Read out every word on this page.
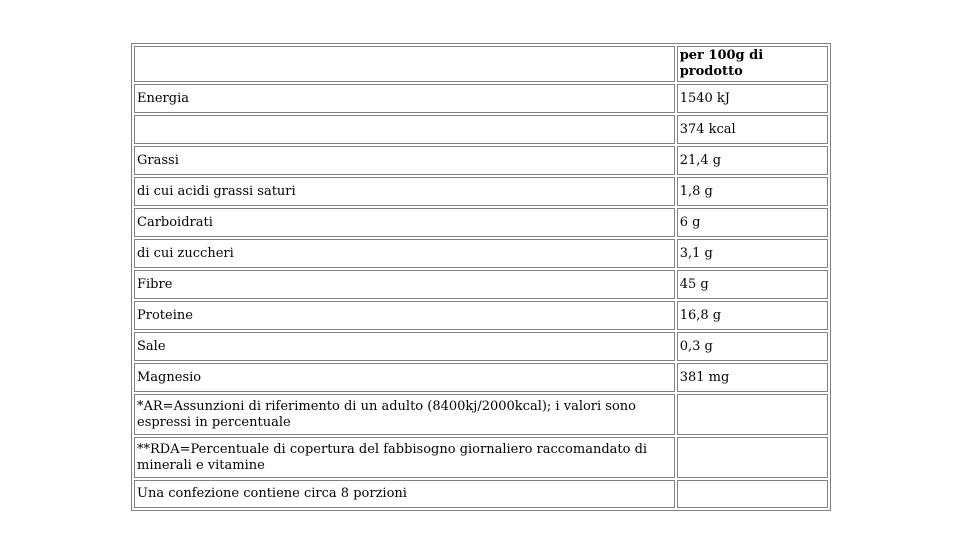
	per 100g di prodotto
Energia	1540 kJ
	374 kcal
Grassi	21,4 g
di cui acidi grassi saturi	1,8 g
Carboidrati	6 g
di cui zuccheri	3,1 g
Fibre	45 g
Proteine	16,8 g
Sale	0,3 g
Magnesio	381 mg
*AR=Assunzioni di riferimento di un adulto (8400kj/2000kcal); i valori sono espressi in percentuale	
**RDA=Percentuale di copertura del fabbisogno giornaliero raccomandato di minerali e vitamine	
Una confezione contiene circa 8 porzioni	
